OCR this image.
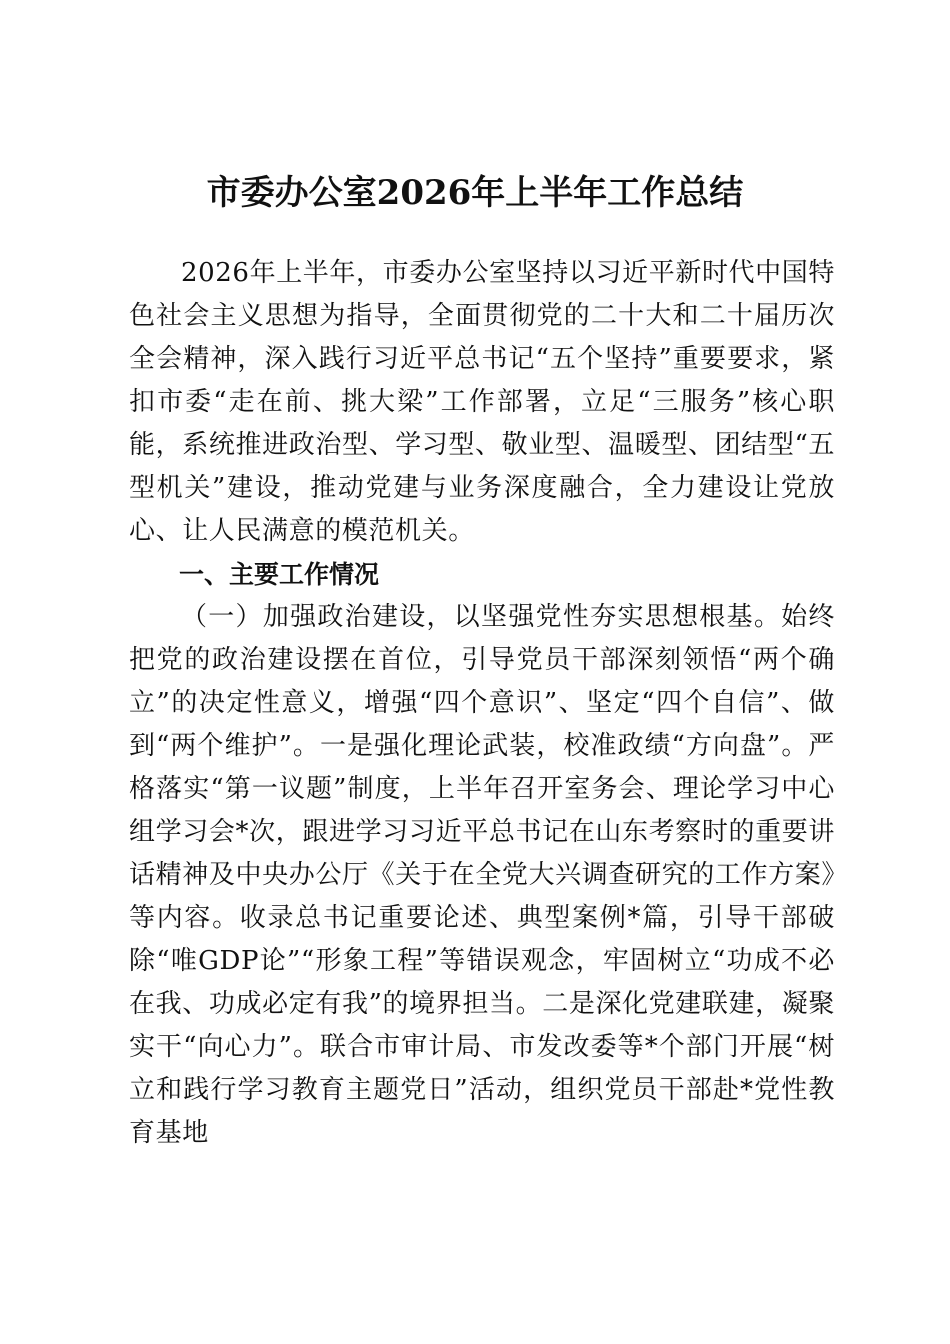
市委办公室2026年上半年工作总结

2026年上半年，市委办公室坚持以习近平新时代中国特色社会主义思想为指导，全面贯彻党的二十大和二十届历次全会精神，深入践行习近平总书记“五个坚持”重要要求，紧扣市委“走在前、挑大梁”工作部署，立足“三服务”核心职能，系统推进政治型、学习型、敬业型、温暖型、团结型“五型机关”建设，推动党建与业务深度融合，全力建设让党放心、让人民满意的模范机关。

一、主要工作情况

（一）加强政治建设，以坚强党性夯实思想根基。始终把党的政治建设摆在首位，引导党员干部深刻领悟“两个确立”的决定性意义，增强“四个意识”、坚定“四个自信”、做到“两个维护”。一是强化理论武装，校准政绩“方向盘”。严格落实“第一议题”制度，上半年召开室务会、理论学习中心组学习会*次，跟进学习习近平总书记在山东考察时的重要讲话精神及中央办公厅《关于在全党大兴调查研究的工作方案》等内容。收录总书记重要论述、典型案例*篇，引导干部破除“唯GDP论”“形象工程”等错误观念，牢固树立“功成不必在我、功成必定有我”的境界担当。二是深化党建联建，凝聚实干“向心力”。联合市审计局、市发改委等*个部门开展“树立和践行学习教育主题党日”活动，组织党员干部赴*党性教育基地
